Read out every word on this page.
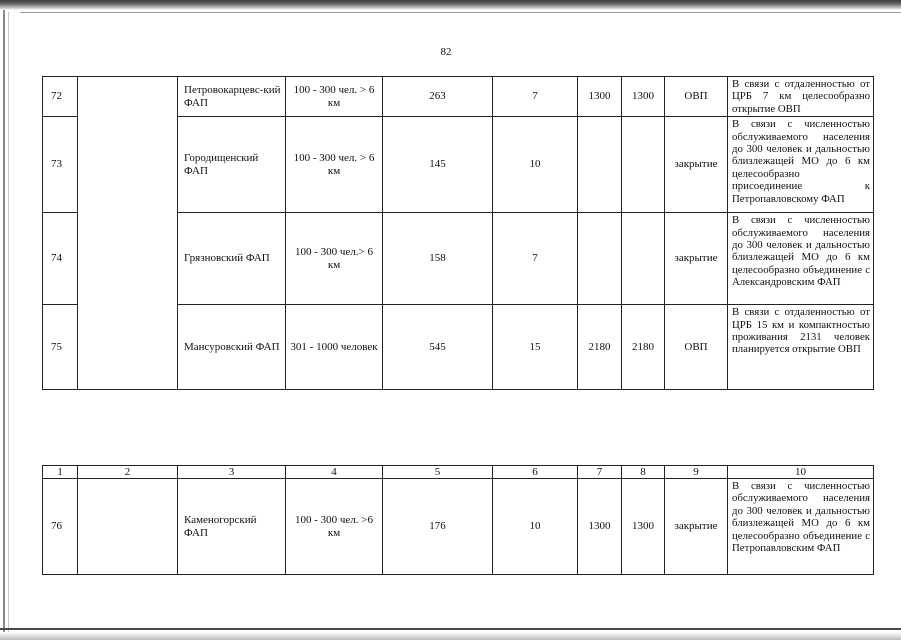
82
72		Петровокарцевс-кий ФАП	100 - 300 чел. > 6 км	263	7	1300	1300	ОВП	В связи с отдаленностью от ЦРБ 7 км целесообразно открытие ОВП
73		Городищенский ФАП	100 - 300 чел. > 6 км	145	10			закрытие	В связи с численностью обслуживаемого населения до 300 человек и дальностью близлежащей МО до 6 км целесообразно присоединение к Петропавловскому ФАП
74		Грязновский ФАП	100 - 300 чел.> 6 км	158	7			закрытие	В связи с численностью обслуживаемого населения до 300 человек и дальностью близлежащей МО до 6 км целесообразно объединение с Александровским ФАП
75		Мансуровский ФАП	301 - 1000 человек	545	15	2180	2180	ОВП	В связи с отдаленностью от ЦРБ 15 км и компактностью проживания 2131 человек планируется открытие ОВП
1	2	3	4	5	6	7	8	9	10
76		Каменогорский ФАП	100 - 300 чел. >6 км	176	10	1300	1300	закрытие	В связи с численностью обслуживаемого населения до 300 человек и дальностью близлежащей МО до 6 км целесообразно объединение с Петропавловским ФАП
